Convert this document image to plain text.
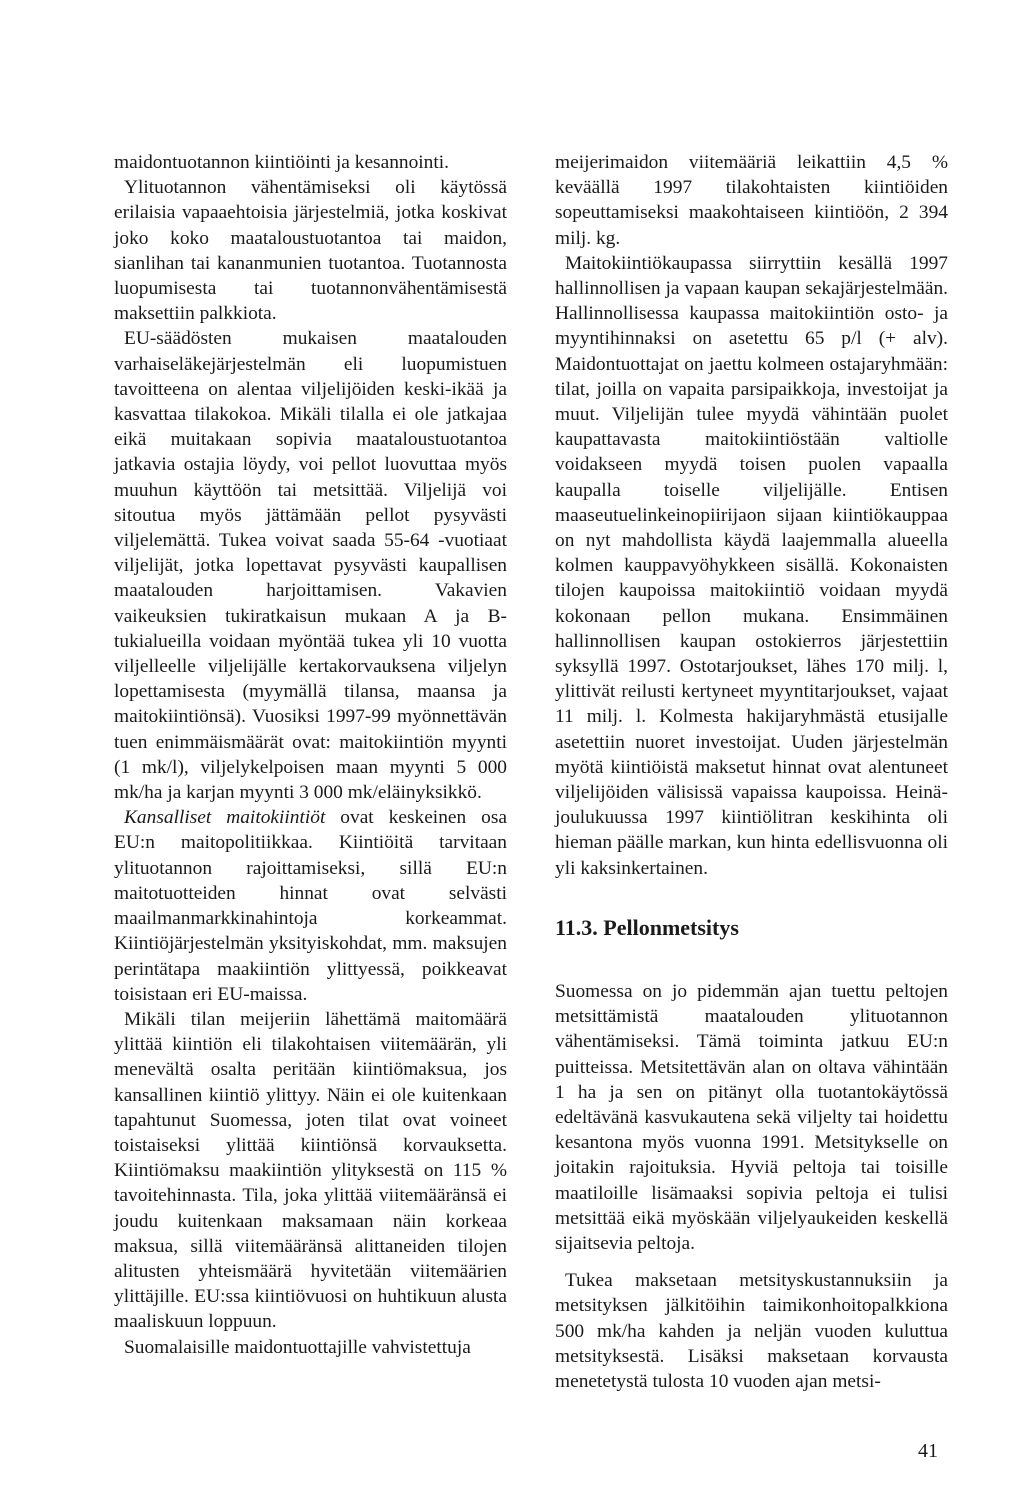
maidontuotannon kiintiöinti ja kesannointi.

Ylituotannon vähentämiseksi oli käytössä erilaisia vapaaehtoisia järjestelmiä, jotka koskivat joko koko maataloustuotantoa tai maidon, sianlihan tai kananmunien tuotantoa. Tuotannosta luopumisesta tai tuotannonvähentämisestä maksettiin palkkiota.

EU-säädösten mukaisen maatalouden varhaiseläkejärjestelmän eli luopumistuen tavoitteena on alentaa viljelijöiden keski-ikää ja kasvattaa tilakokoa. Mikäli tilalla ei ole jatkajaa eikä muitakaan sopivia maataloustuotantoa jatkavia ostajia löydy, voi pellot luovuttaa myös muuhun käyttöön tai metsittää. Viljelijä voi sitoutua myös jättämään pellot pysyvästi viljelemättä. Tukea voivat saada 55-64 -vuotiaat viljelijät, jotka lopettavat pysyvästi kaupallisen maatalouden harjoittamisen. Vakavien vaikeuksien tukiratkaisun mukaan A ja B-tukialueilla voidaan myöntää tukea yli 10 vuotta viljelleelle viljelijälle kertakorvauksena viljelyn lopettamisesta (myymällä tilansa, maansa ja maitokiintiönsä). Vuosiksi 1997-99 myönnettävän tuen enimmäismäärät ovat: maitokiintiön myynti (1 mk/l), viljelykelpoisen maan myynti 5 000 mk/ha ja karjan myynti 3 000 mk/eläinyksikkö.

Kansalliset maitokiintiöt ovat keskeinen osa EU:n maitopolitiikkaa. Kiintiöitä tarvitaan ylituotannon rajoittamiseksi, sillä EU:n maitotuotteiden hinnat ovat selvästi maailmanmarkkinahintoja korkeammat. Kiintiöjärjestelmän yksityiskohdat, mm. maksujen perintätapa maakiintiön ylittyessä, poikkeavat toisistaan eri EU-maissa.

Mikäli tilan meijeriin lähettämä maitomäärä ylittää kiintiön eli tilakohtaisen viitemäärän, yli menevältä osalta peritään kiintiömaksua, jos kansallinen kiintiö ylittyy. Näin ei ole kuitenkaan tapahtunut Suomessa, joten tilat ovat voineet toistaiseksi ylittää kiintiönsä korvauksetta. Kiintiömaksu maakiintiön ylityksestä on 115 % tavoitehinnasta. Tila, joka ylittää viitemääränsä ei joudu kuitenkaan maksamaan näin korkeaa maksua, sillä viitemääränsä alittaneiden tilojen alitusten yhteismäärä hyvitetään viitemäärien ylittäjille. EU:ssa kiintiövuosi on huhtikuun alusta maaliskuun loppuun.

Suomalaisille maidontuottajille vahvistettuja

meijerimaidon viitemääriä leikattiin 4,5 % keväällä 1997 tilakohtaisten kiintiöiden sopeuttamiseksi maakohtaiseen kiintiöön, 2 394 milj. kg.

Maitokiintiökaupassa siirryttiin kesällä 1997 hallinnollisen ja vapaan kaupan sekajärjestelmään. Hallinnollisessa kaupassa maitokiintiön osto- ja myyntihinnaksi on asetettu 65 p/l (+ alv). Maidontuottajat on jaettu kolmeen ostajaryhmään: tilat, joilla on vapaita parsipaikkoja, investoijat ja muut. Viljelijän tulee myydä vähintään puolet kaupattavasta maitokiintiöstään valtiolle voidakseen myydä toisen puolen vapaalla kaupalla toiselle viljelijälle. Entisen maaseutuelinkeinopiirijaon sijaan kiintiökauppaa on nyt mahdollista käydä laajemmalla alueella kolmen kauppavyöhykkeen sisällä. Kokonaisten tilojen kaupoissa maitokiintiö voidaan myydä kokonaan pellon mukana. Ensimmäinen hallinnollisen kaupan ostokierros järjestettiin syksyllä 1997. Ostotarjoukset, lähes 170 milj. l, ylittivät reilusti kertyneet myyntitarjoukset, vajaat 11 milj. l. Kolmesta hakijaryhmästä etusijalle asetettiin nuoret investoijat. Uuden järjestelmän myötä kiintiöistä maksetut hinnat ovat alentuneet viljelijöiden välisissä vapaissa kaupoissa. Heinä-joulukuussa 1997 kiintiölitran keskihinta oli hieman päälle markan, kun hinta edellisvuonna oli yli kaksinkertainen.

11.3. Pellonmetsitys

Suomessa on jo pidemmän ajan tuettu peltojen metsittämistä maatalouden ylituotannon vähentämiseksi. Tämä toiminta jatkuu EU:n puitteissa. Metsitettävän alan on oltava vähintään 1 ha ja sen on pitänyt olla tuotantokäytössä edeltävänä kasvukautena sekä viljelty tai hoidettu kesantona myös vuonna 1991. Metsitykselle on joitakin rajoituksia. Hyviä peltoja tai toisille maatiloille lisämaaksi sopivia peltoja ei tulisi metsittää eikä myöskään viljelyaukeiden keskellä sijaitsevia peltoja.

Tukea maksetaan metsityskustannuksiin ja metsityksen jälkitöihin taimikonhoitopalkkiona 500 mk/ha kahden ja neljän vuoden kuluttua metsityksestä. Lisäksi maksetaan korvausta menetetystä tulosta 10 vuoden ajan metsi-

41
